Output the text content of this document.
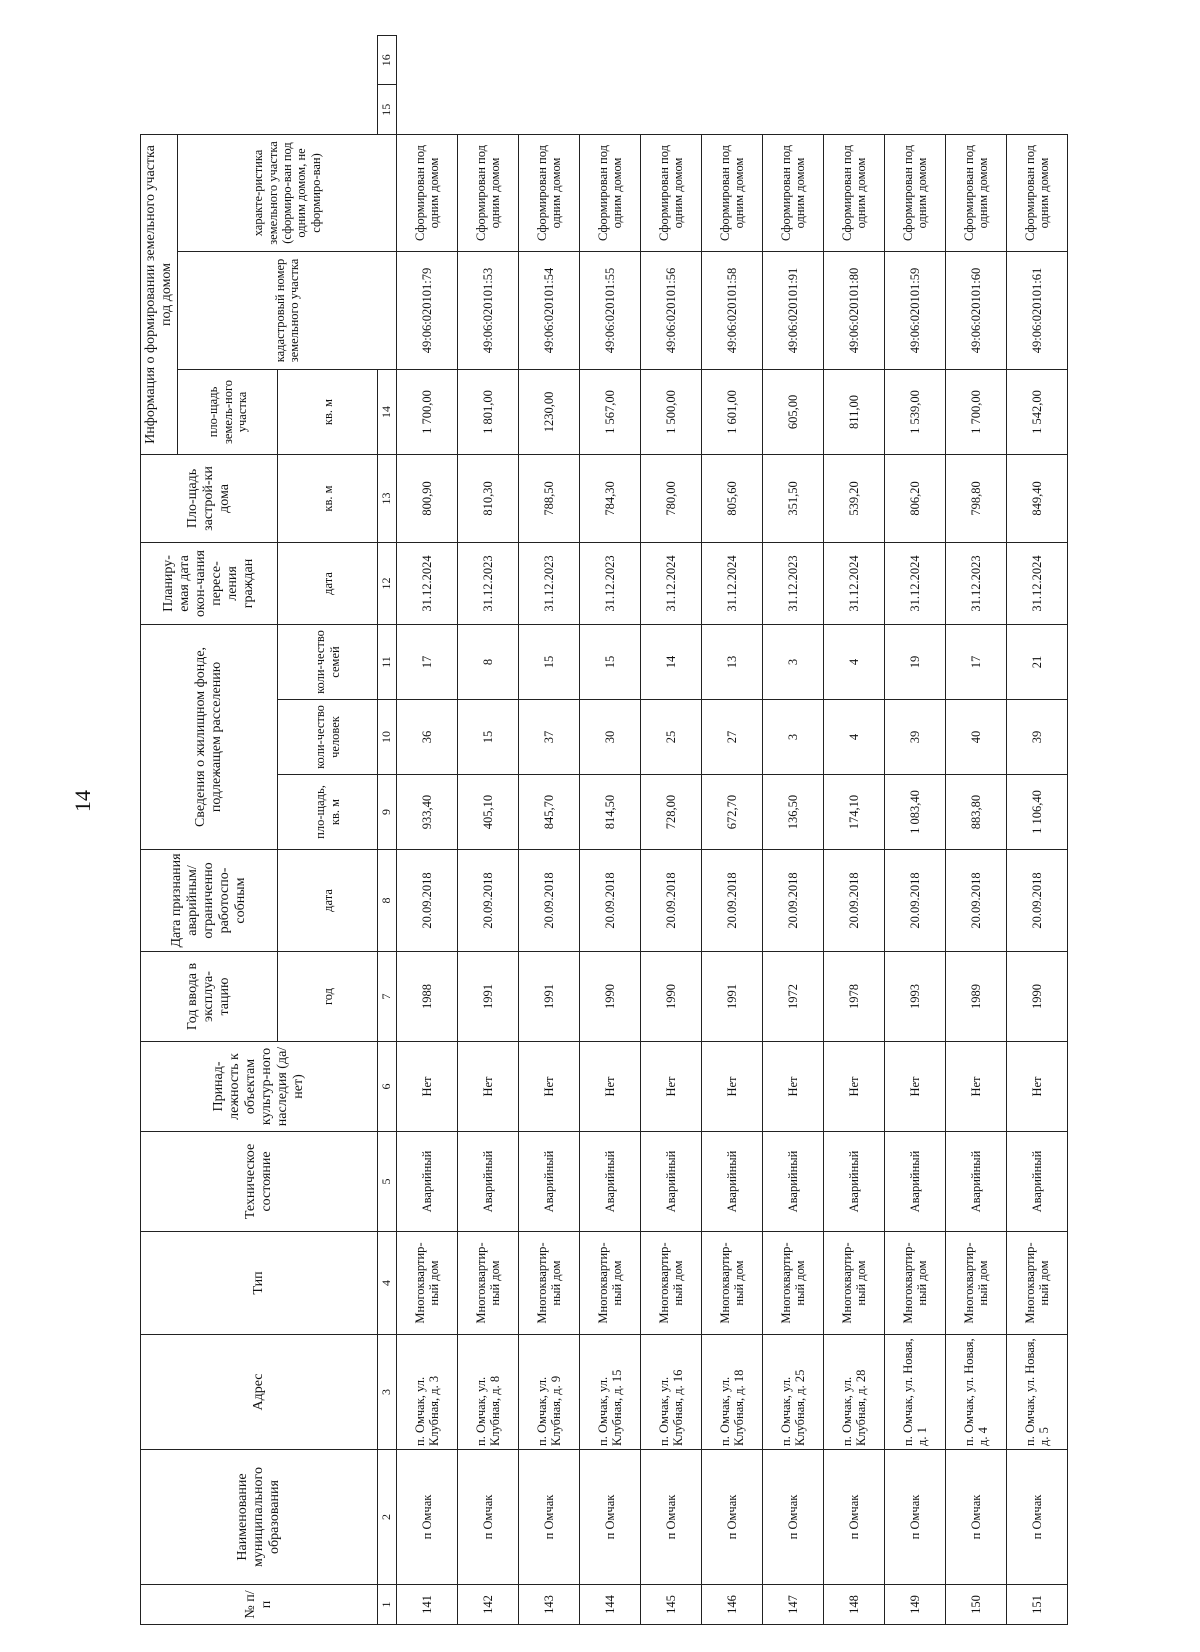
14
№ п/п	Наименование муниципального образования	Адрес	Тип	Техническое состояние	Принад-лежность к объектам культур-ного наследия (да/нет)	Год ввода в эксплуа-тацию	Дата признания аварийным/ ограниченно работоспо-собным	Сведения о жилищном фонде, подлежащем расселению			Планиру-емая дата окон-чания пересе-ления граждан	Пло-щадь застрой-ки дома	Информация о формировании земельного участка под домом				
													пло-щадь земель-ного участка	кадастровый номер земельного участка	характе-ристика земельного участка (сформиро-ван под одним домом, не сформиро-ван)		
						год	дата	пло-щадь, кв. м	коли-чество человек	коли-чество семей	дата	кв. м	кв. м				
1	2	3	4	5	6	7	8	9	10	11	12	13	14			15	16
141	п Омчак	п. Омчак, ул. Клубная, д. 3	Многоквартир-ный дом	Аварийный	Нет	1988	20.09.2018	933,40	36	17	31.12.2024	800,90	1 700,00	49:06:020101:79	Сформирован под одним домом		
142	п Омчак	п. Омчак, ул. Клубная, д. 8	Многоквартир-ный дом	Аварийный	Нет	1991	20.09.2018	405,10	15	8	31.12.2023	810,30	1 801,00	49:06:020101:53	Сформирован под одним домом		
143	п Омчак	п. Омчак, ул. Клубная, д. 9	Многоквартир-ный дом	Аварийный	Нет	1991	20.09.2018	845,70	37	15	31.12.2023	788,50	1230,00	49:06:020101:54	Сформирован под одним домом		
144	п Омчак	п. Омчак, ул. Клубная, д. 15	Многоквартир-ный дом	Аварийный	Нет	1990	20.09.2018	814,50	30	15	31.12.2023	784,30	1 567,00	49:06:020101:55	Сформирован под одним домом		
145	п Омчак	п. Омчак, ул. Клубная, д. 16	Многоквартир-ный дом	Аварийный	Нет	1990	20.09.2018	728,00	25	14	31.12.2024	780,00	1 500,00	49:06:020101:56	Сформирован под одним домом		
146	п Омчак	п. Омчак, ул. Клубная, д. 18	Многоквартир-ный дом	Аварийный	Нет	1991	20.09.2018	672,70	27	13	31.12.2024	805,60	1 601,00	49:06:020101:58	Сформирован под одним домом		
147	п Омчак	п. Омчак, ул. Клубная, д. 25	Многоквартир-ный дом	Аварийный	Нет	1972	20.09.2018	136,50	3	3	31.12.2023	351,50	605,00	49:06:020101:91	Сформирован под одним домом		
148	п Омчак	п. Омчак, ул. Клубная, д. 28	Многоквартир-ный дом	Аварийный	Нет	1978	20.09.2018	174,10	4	4	31.12.2024	539,20	811,00	49:06:020101:80	Сформирован под одним домом		
149	п Омчак	п. Омчак, ул. Новая, д. 1	Многоквартир-ный дом	Аварийный	Нет	1993	20.09.2018	1 083,40	39	19	31.12.2024	806,20	1 539,00	49:06:020101:59	Сформирован под одним домом		
150	п Омчак	п. Омчак, ул. Новая, д. 4	Многоквартир-ный дом	Аварийный	Нет	1989	20.09.2018	883,80	40	17	31.12.2023	798,80	1 700,00	49:06:020101:60	Сформирован под одним домом		
151	п Омчак	п. Омчак, ул. Новая, д. 5	Многоквартир-ный дом	Аварийный	Нет	1990	20.09.2018	1 106,40	39	21	31.12.2024	849,40	1 542,00	49:06:020101:61	Сформирован под одним домом		
